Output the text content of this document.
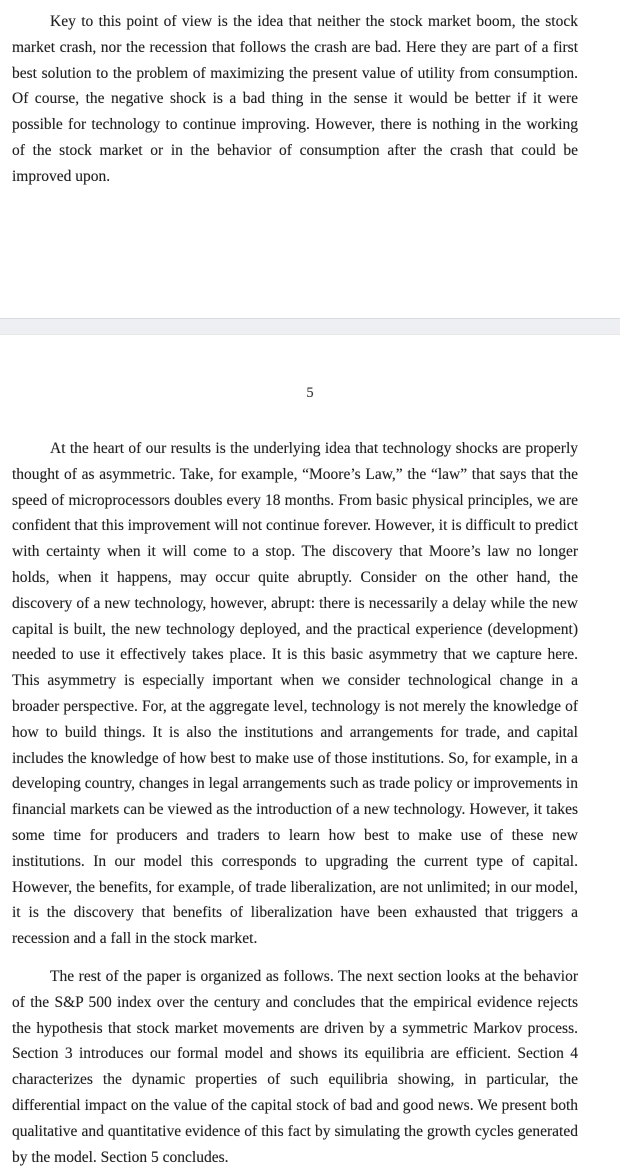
Key to this point of view is the idea that neither the stock market boom, the stock market crash, nor the recession that follows the crash are bad. Here they are part of a first best solution to the problem of maximizing the present value of utility from consumption. Of course, the negative shock is a bad thing in the sense it would be better if it were possible for technology to continue improving. However, there is nothing in the working of the stock market or in the behavior of consumption after the crash that could be improved upon.

5

At the heart of our results is the underlying idea that technology shocks are properly thought of as asymmetric. Take, for example, “Moore’s Law,” the “law” that says that the speed of microprocessors doubles every 18 months. From basic physical principles, we are confident that this improvement will not continue forever. However, it is difficult to predict with certainty when it will come to a stop. The discovery that Moore’s law no longer holds, when it happens, may occur quite abruptly. Consider on the other hand, the discovery of a new technology, however, abrupt: there is necessarily a delay while the new capital is built, the new technology deployed, and the practical experience (development) needed to use it effectively takes place. It is this basic asymmetry that we capture here. This asymmetry is especially important when we consider technological change in a broader perspective. For, at the aggregate level, technology is not merely the knowledge of how to build things. It is also the institutions and arrangements for trade, and capital includes the knowledge of how best to make use of those institutions. So, for example, in a developing country, changes in legal arrangements such as trade policy or improvements in financial markets can be viewed as the introduction of a new technology. However, it takes some time for producers and traders to learn how best to make use of these new institutions. In our model this corresponds to upgrading the current type of capital. However, the benefits, for example, of trade liberalization, are not unlimited; in our model, it is the discovery that benefits of liberalization have been exhausted that triggers a recession and a fall in the stock market.

The rest of the paper is organized as follows. The next section looks at the behavior of the S&P 500 index over the century and concludes that the empirical evidence rejects the hypothesis that stock market movements are driven by a symmetric Markov process. Section 3 introduces our formal model and shows its equilibria are efficient. Section 4 characterizes the dynamic properties of such equilibria showing, in particular, the differential impact on the value of the capital stock of bad and good news. We present both qualitative and quantitative evidence of this fact by simulating the growth cycles generated by the model. Section 5 concludes.
